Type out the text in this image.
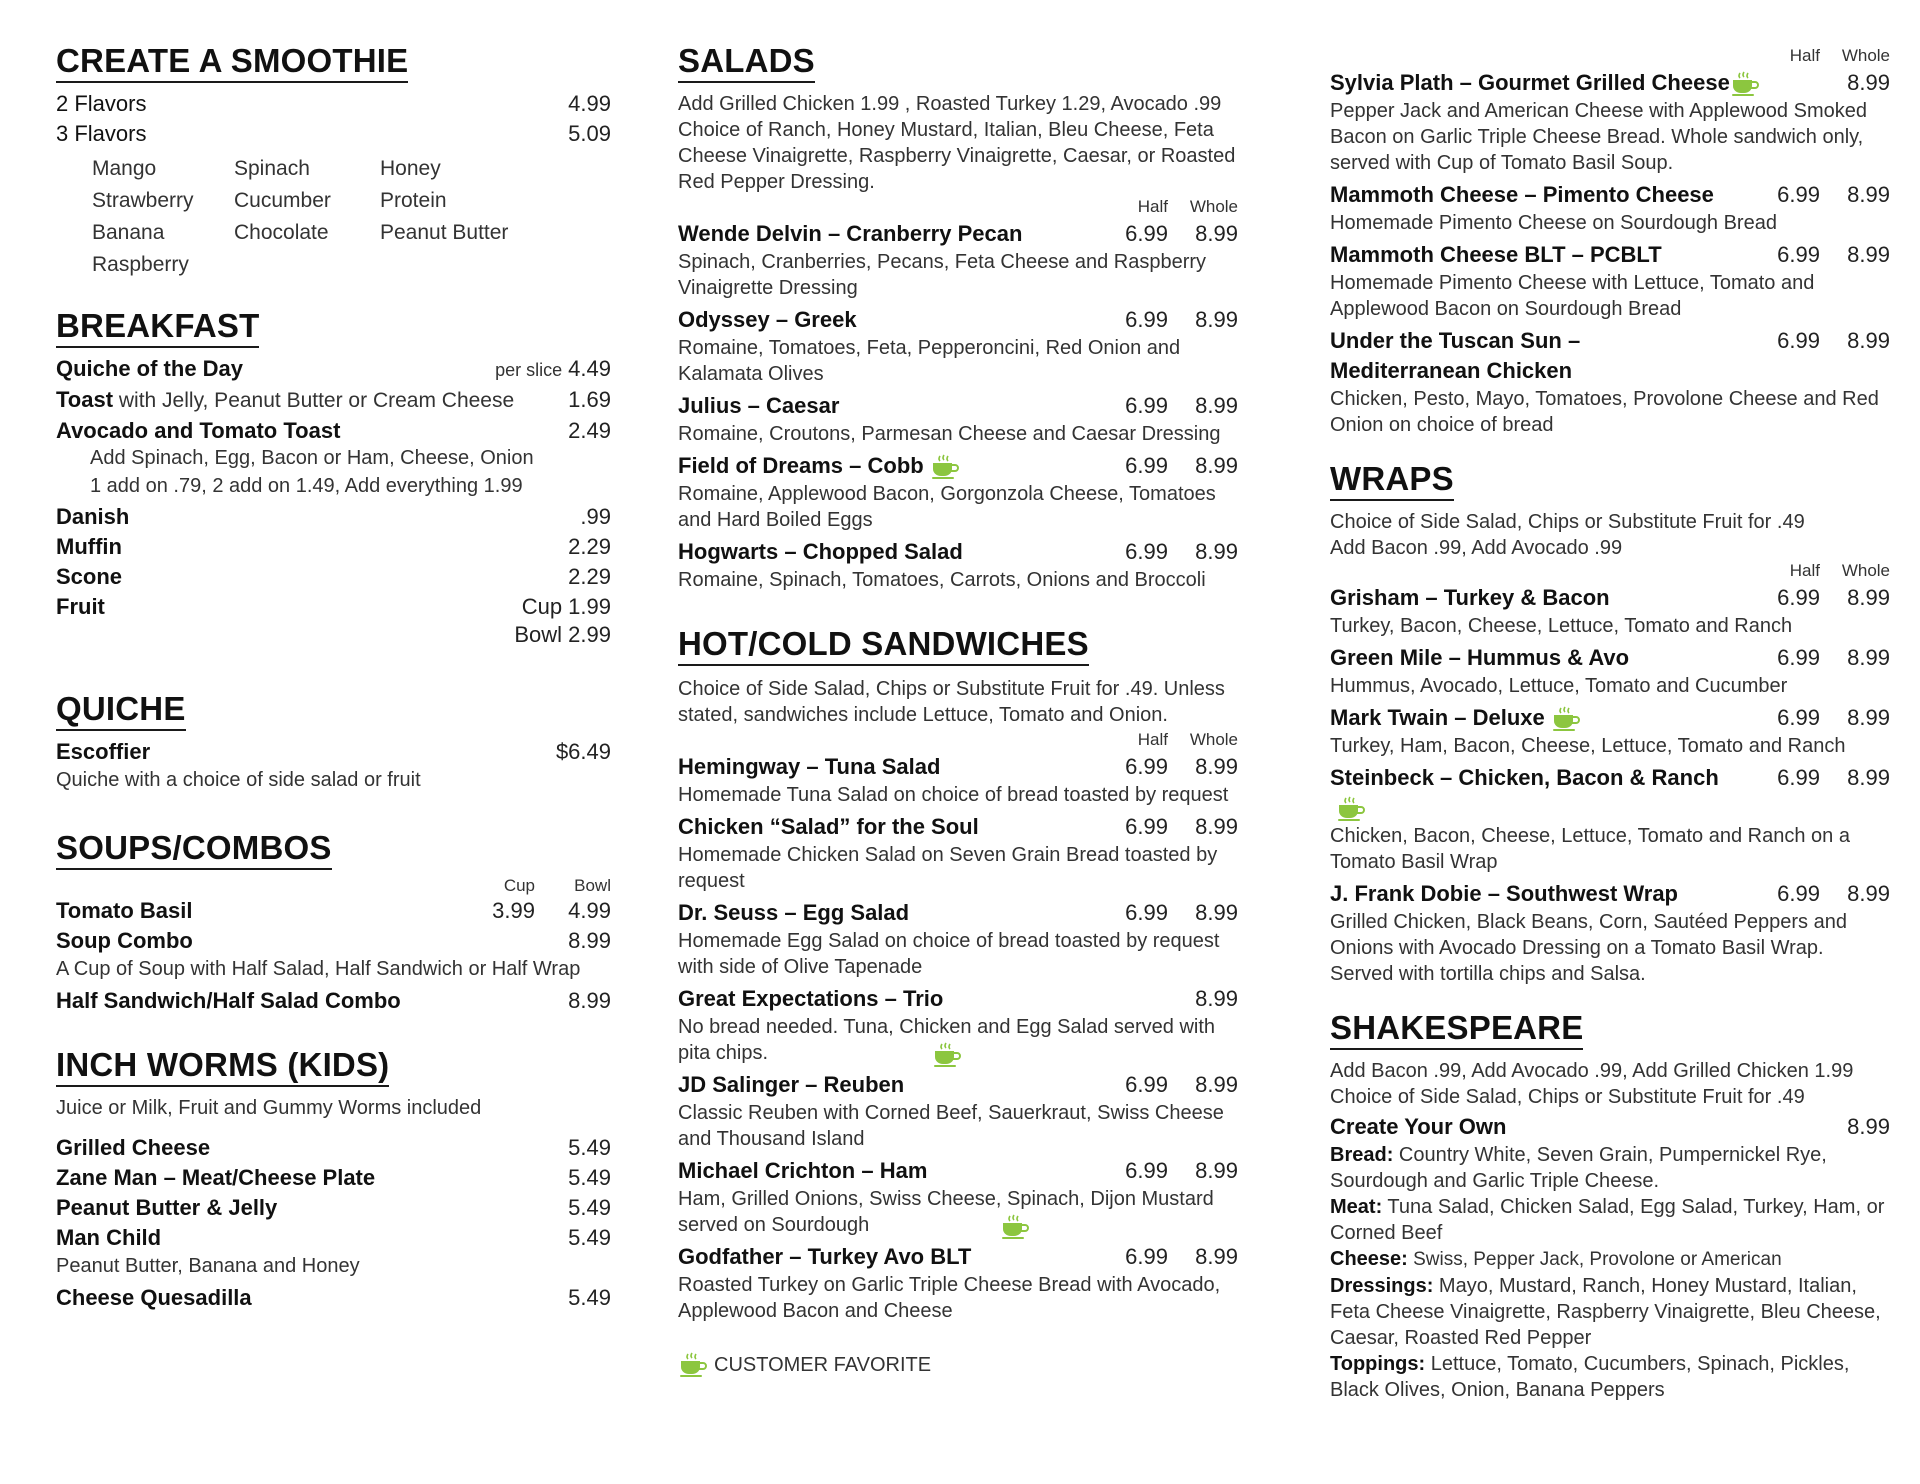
CREATE A SMOOTHIE
2 Flavors	4.99
3 Flavors	5.09
Mango	Spinach	Honey
Strawberry	Cucumber	Protein
Banana	Chocolate	Peanut Butter
Raspberry
BREAKFAST
Quiche of the Day	per slice 4.49
Toast with Jelly, Peanut Butter or Cream Cheese	1.69
Avocado and Tomato Toast	2.49
Add Spinach, Egg, Bacon or Ham, Cheese, Onion
1 add on .79, 2 add on 1.49, Add everything 1.99
Danish	.99
Muffin	2.29
Scone	2.29
Fruit	Cup 1.99
Bowl 2.99
QUICHE
Escoffier	$6.49
Quiche with a choice of side salad or fruit
SOUPS/COMBOS
Cup	Bowl
Tomato Basil	3.99	4.99
Soup Combo	8.99
A Cup of Soup with Half Salad, Half Sandwich or Half Wrap
Half Sandwich/Half Salad Combo	8.99
INCH WORMS (KIDS)
Juice or Milk, Fruit and Gummy Worms included
Grilled Cheese	5.49
Zane Man – Meat/Cheese Plate	5.49
Peanut Butter & Jelly	5.49
Man Child	5.49
Peanut Butter, Banana and Honey
Cheese Quesadilla	5.49
SALADS
Add Grilled Chicken 1.99 , Roasted Turkey 1.29, Avocado .99
Choice of Ranch, Honey Mustard, Italian, Bleu Cheese, Feta Cheese Vinaigrette, Raspberry Vinaigrette, Caesar, or Roasted Red Pepper Dressing.
Half	Whole
Wende Delvin – Cranberry Pecan	6.99	8.99
Spinach, Cranberries, Pecans, Feta Cheese and Raspberry Vinaigrette Dressing
Odyssey – Greek	6.99	8.99
Romaine, Tomatoes, Feta, Pepperoncini, Red Onion and Kalamata Olives
Julius – Caesar	6.99	8.99
Romaine, Croutons, Parmesan Cheese and Caesar Dressing
Field of Dreams – Cobb	6.99	8.99
Romaine, Applewood Bacon, Gorgonzola Cheese, Tomatoes and Hard Boiled Eggs
Hogwarts – Chopped Salad	6.99	8.99
Romaine, Spinach, Tomatoes, Carrots, Onions and Broccoli
HOT/COLD SANDWICHES
Choice of Side Salad, Chips or Substitute Fruit for .49. Unless stated, sandwiches include Lettuce, Tomato and Onion.
Half	Whole
Hemingway – Tuna Salad	6.99	8.99
Homemade Tuna Salad on choice of bread toasted by request
Chicken “Salad” for the Soul	6.99	8.99
Homemade Chicken Salad on Seven Grain Bread toasted by request
Dr. Seuss – Egg Salad	6.99	8.99
Homemade Egg Salad on choice of bread toasted by request with side of Olive Tapenade
Great Expectations – Trio	8.99
No bread needed. Tuna, Chicken and Egg Salad served with pita chips.
JD Salinger – Reuben	6.99	8.99
Classic Reuben with Corned Beef, Sauerkraut, Swiss Cheese and Thousand Island
Michael Crichton – Ham	6.99	8.99
Ham, Grilled Onions, Swiss Cheese, Spinach, Dijon Mustard served on Sourdough
Godfather – Turkey Avo BLT	6.99	8.99
Roasted Turkey on Garlic Triple Cheese Bread with Avocado, Applewood Bacon and Cheese
CUSTOMER FAVORITE
Half	Whole
Sylvia Plath – Gourmet Grilled Cheese	8.99
Pepper Jack and American Cheese with Applewood Smoked Bacon on Garlic Triple Cheese Bread. Whole sandwich only, served with Cup of Tomato Basil Soup.
Mammoth Cheese – Pimento Cheese	6.99	8.99
Homemade Pimento Cheese on Sourdough Bread
Mammoth Cheese BLT – PCBLT	6.99	8.99
Homemade Pimento Cheese with Lettuce, Tomato and Applewood Bacon on Sourdough Bread
Under the Tuscan Sun –	6.99	8.99
Mediterranean Chicken
Chicken, Pesto, Mayo, Tomatoes, Provolone Cheese and Red Onion on choice of bread
WRAPS
Choice of Side Salad, Chips or Substitute Fruit for .49
Add Bacon .99, Add Avocado .99
Half	Whole
Grisham – Turkey & Bacon	6.99	8.99
Turkey, Bacon, Cheese, Lettuce, Tomato and Ranch
Green Mile – Hummus & Avo	6.99	8.99
Hummus, Avocado, Lettuce, Tomato and Cucumber
Mark Twain – Deluxe	6.99	8.99
Turkey, Ham, Bacon, Cheese, Lettuce, Tomato and Ranch
Steinbeck – Chicken, Bacon & Ranch	6.99	8.99
Chicken, Bacon, Cheese, Lettuce, Tomato and Ranch on a Tomato Basil Wrap
J. Frank Dobie – Southwest Wrap	6.99	8.99
Grilled Chicken, Black Beans, Corn, Sautéed Peppers and Onions with Avocado Dressing on a Tomato Basil Wrap. Served with tortilla chips and Salsa.
SHAKESPEARE
Add Bacon .99, Add Avocado .99, Add Grilled Chicken 1.99
Choice of Side Salad, Chips or Substitute Fruit for .49
Create Your Own	8.99
Bread: Country White, Seven Grain, Pumpernickel Rye, Sourdough and Garlic Triple Cheese.
Meat: Tuna Salad, Chicken Salad, Egg Salad, Turkey, Ham, or Corned Beef
Cheese: Swiss, Pepper Jack, Provolone or American
Dressings: Mayo, Mustard, Ranch, Honey Mustard, Italian, Feta Cheese Vinaigrette, Raspberry Vinaigrette, Bleu Cheese, Caesar, Roasted Red Pepper
Toppings: Lettuce, Tomato, Cucumbers, Spinach, Pickles, Black Olives, Onion, Banana Peppers
